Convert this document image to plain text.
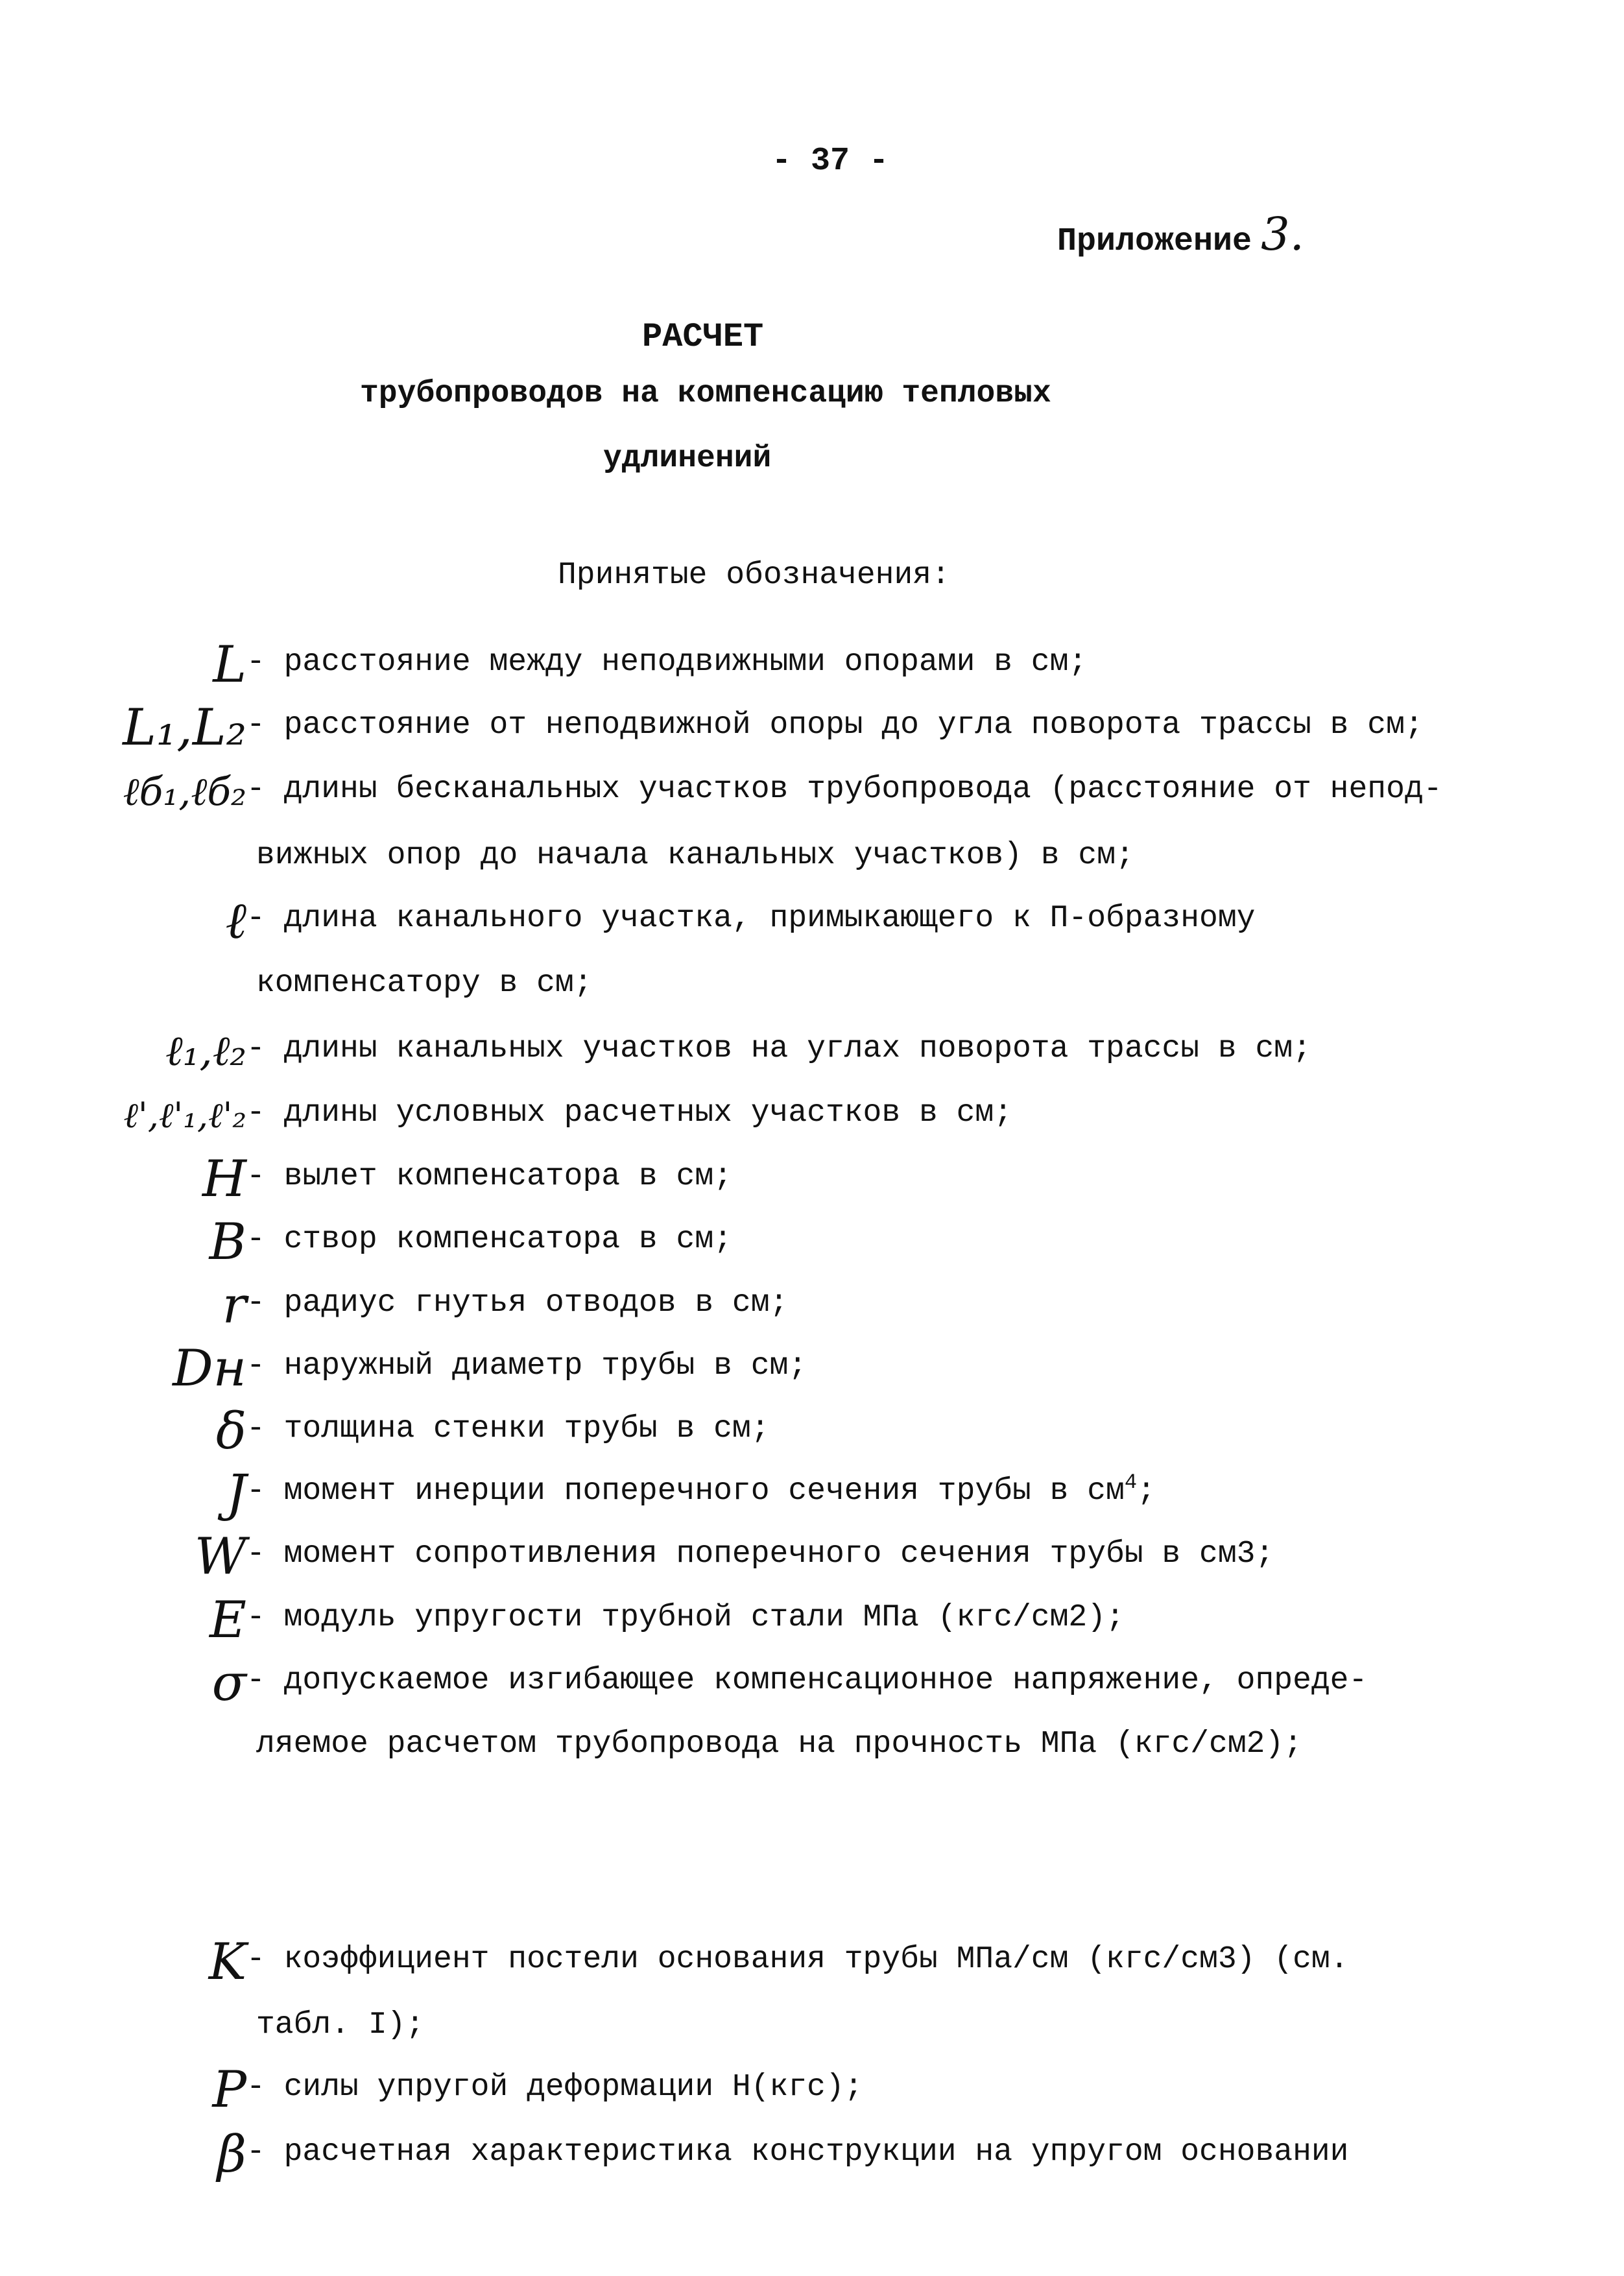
- 37 -
Приложение 3.
РАСЧЕТ
трубопроводов на компенсацию тепловых
удлинений
Принятые обозначения:
L - расстояние между неподвижными опорами в см;
L₁,L₂ - расстояние от неподвижной опоры до угла поворота трассы в см;
ℓб₁,ℓб₂ - длины бесканальных участков трубопровода (расстояние от непод-
вижных опор до начала канальных участков) в см;
ℓ - длина канального участка, примыкающего к П-образному
компенсатору в см;
ℓ₁,ℓ₂ - длины канальных участков на углах поворота трассы в см;
ℓ',ℓ'₁,ℓ'₂ - длины условных расчетных участков в см;
H - вылет компенсатора в см;
B - створ компенсатора в см;
r - радиус гнутья отводов в см;
Dн - наружный диаметр трубы в см;
δ - толщина стенки трубы в см;
J - момент инерции поперечного сечения трубы в $см^4$;
W - момент сопротивления поперечного сечения трубы в см3;
E - модуль упругости трубной стали МПа (кгс/см2);
σ - допускаемое изгибающее компенсационное напряжение, опреде-
ляемое расчетом трубопровода на прочность МПа (кгс/см2);
K - коэффициент постели основания трубы МПа/см (кгс/см3) (см.
табл. I);
P - силы упругой деформации Н(кгс);
β - расчетная характеристика конструкции на упругом основании
